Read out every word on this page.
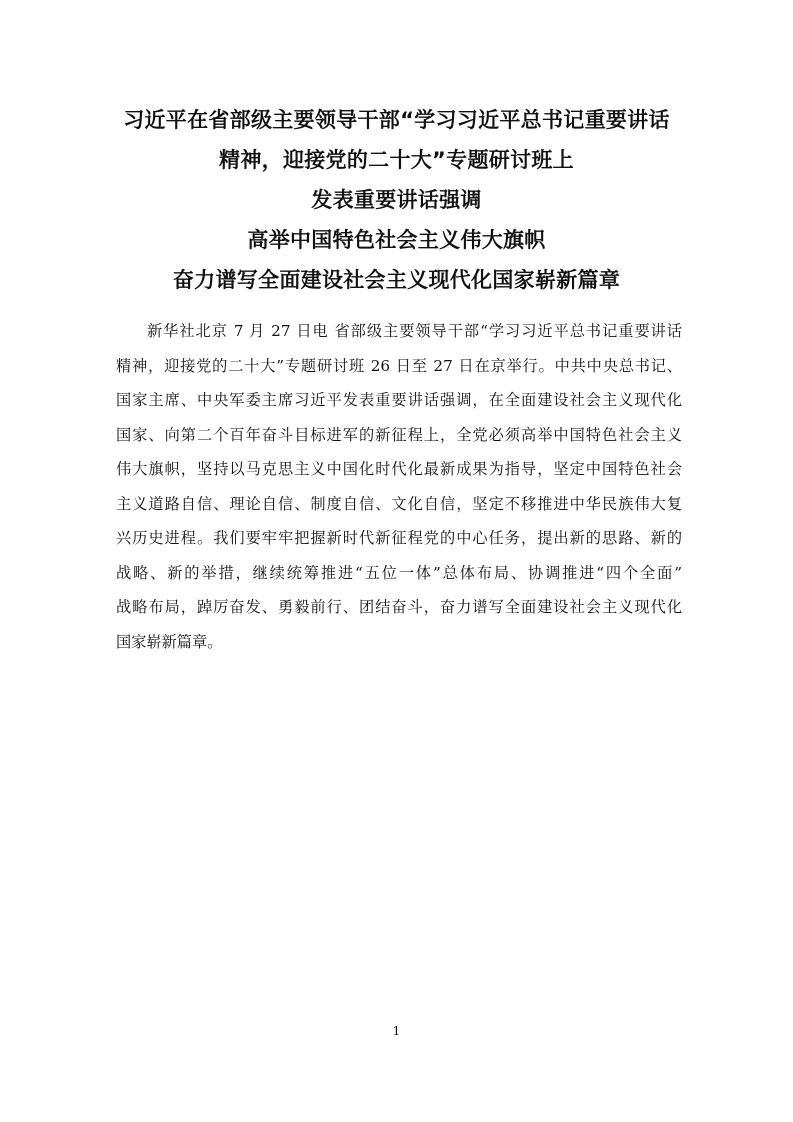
习近平在省部级主要领导干部“学习习近平总书记重要讲话
精神，迎接党的二十大”专题研讨班上
发表重要讲话强调
高举中国特色社会主义伟大旗帜
奋力谱写全面建设社会主义现代化国家崭新篇章
新华社北京 7 月 27 日电 省部级主要领导干部“学习习近平总书记重要讲话
精神，迎接党的二十大”专题研讨班 26 日至 27 日在京举行。中共中央总书记、
国家主席、中央军委主席习近平发表重要讲话强调，在全面建设社会主义现代化
国家、向第二个百年奋斗目标进军的新征程上，全党必须高举中国特色社会主义
伟大旗帜，坚持以马克思主义中国化时代化最新成果为指导，坚定中国特色社会
主义道路自信、理论自信、制度自信、文化自信，坚定不移推进中华民族伟大复
兴历史进程。我们要牢牢把握新时代新征程党的中心任务，提出新的思路、新的
战略、新的举措，继续统筹推进“五位一体”总体布局、协调推进“四个全面”
战略布局，踔厉奋发、勇毅前行、团结奋斗，奋力谱写全面建设社会主义现代化
国家崭新篇章。
1
